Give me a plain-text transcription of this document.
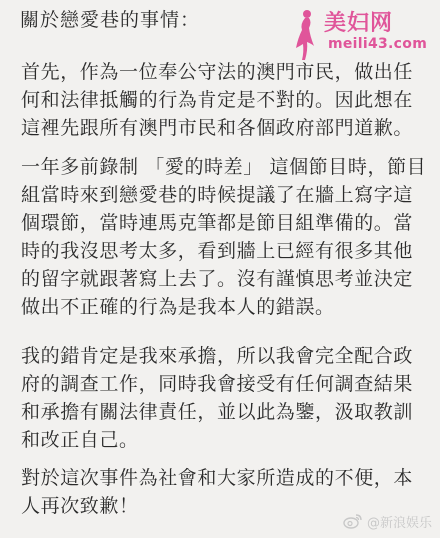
關於戀愛巷的事情：	美妇网
meili43.com
首先，作為一位奉公守法的澳門市民，做出任
何和法律抵觸的行為肯定是不對的。因此想在
這裡先跟所有澳門市民和各個政府部門道歉。
一年多前錄制 「愛的時差」 這個節目時，節目
組當時來到戀愛巷的時候提議了在牆上寫字這
個環節，當時連馬克筆都是節目組準備的。當
時的我沒思考太多，看到牆上已經有很多其他
的留字就跟著寫上去了。沒有謹慎思考並決定
做出不正確的行為是我本人的錯誤。
我的錯肯定是我來承擔，所以我會完全配合政
府的調查工作，同時我會接受有任何調查結果
和承擔有關法律責任，並以此為鑒，汲取教訓
和改正自己。
對於這次事件為社會和大家所造成的不便，本
人再次致歉！
@新浪娱乐
